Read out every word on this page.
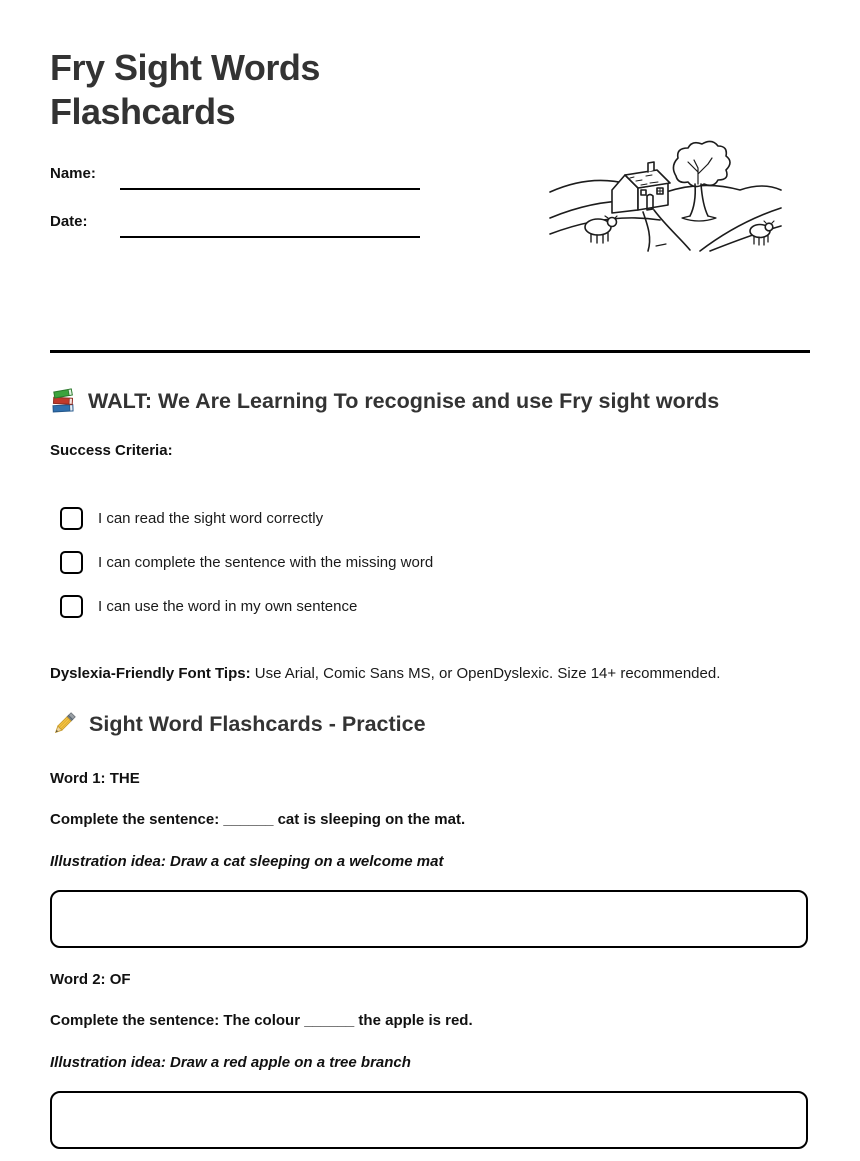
Fry Sight Words Flashcards
Name:
Date:
WALT: We Are Learning To recognise and use Fry sight words
Success Criteria:
I can read the sight word correctly
I can complete the sentence with the missing word
I can use the word in my own sentence
Dyslexia-Friendly Font Tips: Use Arial, Comic Sans MS, or OpenDyslexic. Size 14+ recommended.
Sight Word Flashcards - Practice
Word 1: THE
Complete the sentence: ______ cat is sleeping on the mat.
Illustration idea: Draw a cat sleeping on a welcome mat
Word 2: OF
Complete the sentence: The colour ______ the apple is red.
Illustration idea: Draw a red apple on a tree branch
